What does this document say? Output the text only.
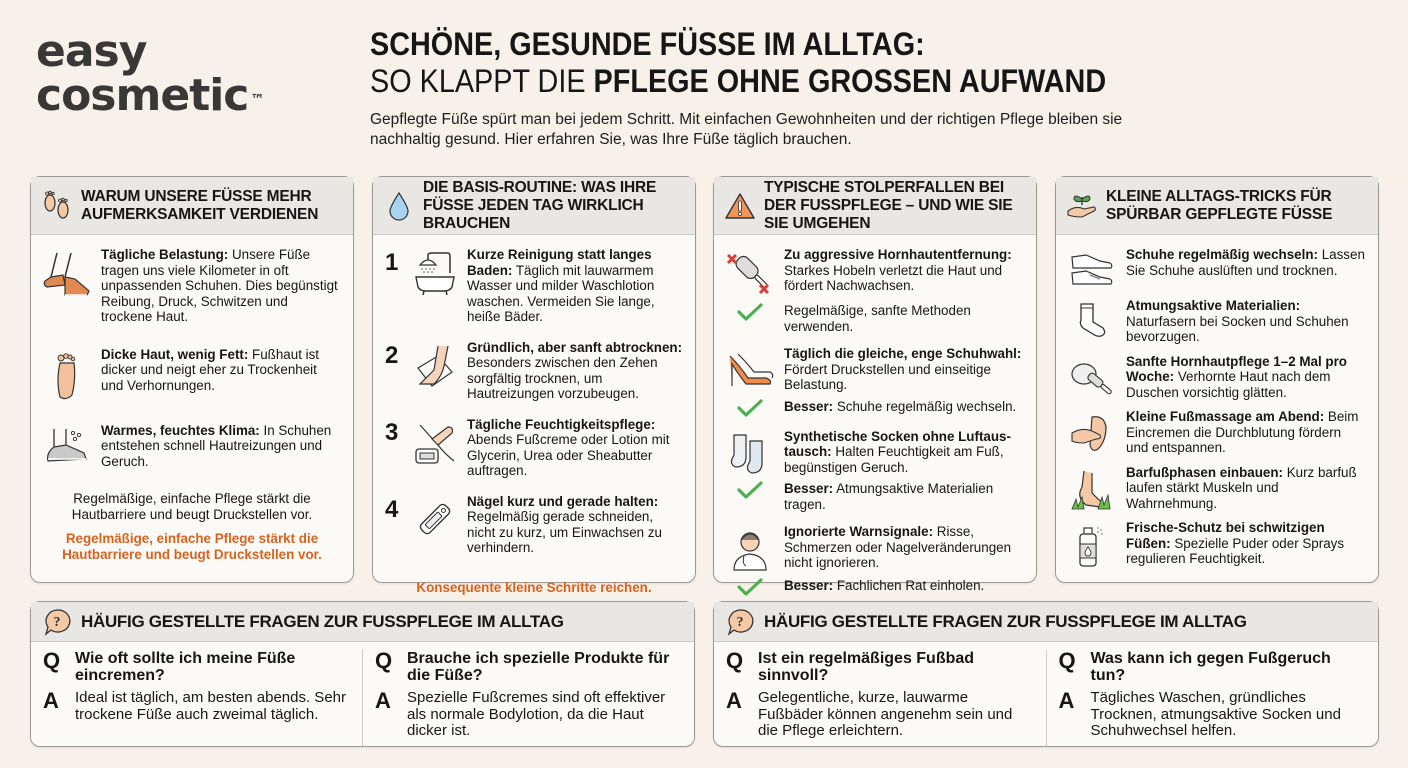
easy
cosmetic ™
SCHÖNE, GESUNDE FÜSSE IM ALLTAG:
SO KLAPPT DIE PFLEGE OHNE GROSSEN AUFWAND

Gepflegte Füße spürt man bei jedem Schritt. Mit einfachen Gewohnheiten und der richtigen Pflege bleiben sie nachhaltig gesund. Hier erfahren Sie, was Ihre Füße täglich brauchen.

WARUM UNSERE FÜSSE MEHR AUFMERKSAMKEIT VERDIENEN
Tägliche Belastung: Unsere Füße tragen uns viele Kilometer in oft unpassenden Schuhen. Dies begünstigt Reibung, Druck, Schwitzen und trockene Haut.
Dicke Haut, wenig Fett: Fußhaut ist dicker und neigt eher zu Trockenheit und Verhornungen.
Warmes, feuchtes Klima: In Schuhen entstehen schnell Hautreizungen und Geruch.

Regelmäßige, einfache Pflege stärkt die Hautbarriere und beugt Druckstellen vor.

Regelmäßige, einfache Pflege stärkt die Hautbarriere und beugt Druckstellen vor.

DIE BASIS-ROUTINE: WAS IHRE FÜSSE JEDEN TAG WIRKLICH BRAUCHEN
1	Kurze Reinigung statt langes Baden: Täglich mit lauwarmem Wasser und milder Waschlotion waschen. Vermeiden Sie lange, heiße Bäder.
2	Gründlich, aber sanft abtrocknen: Besonders zwischen den Zehen sorgfältig trocknen, um Hautreizungen vorzubeugen.
3	Tägliche Feuchtigkeitspflege: Abends Fußcreme oder Lotion mit Glycerin, Urea oder Sheabutter auftragen.
4	Nägel kurz und gerade halten: Regelmäßig gerade schneiden, nicht zu kurz, um Einwachsen zu verhindern.

Konsequente kleine Schritte reichen.

TYPISCHE STOLPERFALLEN BEI DER FUSSPFLEGE – UND WIE SIE SIE UMGEHEN
Zu aggressive Hornhautentfernung: Starkes Hobeln verletzt die Haut und fördert Nachwachsen.
Regelmäßige, sanfte Methoden verwenden.
Täglich die gleiche, enge Schuhwahl: Fördert Druckstellen und einseitige Belastung.
Besser: Schuhe regelmäßig wechseln.
Synthetische Socken ohne Luftaustausch: Halten Feuchtigkeit am Fuß, begünstigen Geruch.
Besser: Atmungsaktive Materialien tragen.
Ignorierte Warnsignale: Risse, Schmerzen oder Nagelveränderungen nicht ignorieren.
Besser: Fachlichen Rat einholen.
KLEINE ALLTAGS-TRICKS FÜR SPÜRBAR GEPFLEGTE FÜSSE
Schuhe regelmäßig wechseln: Lassen Sie Schuhe auslüften und trocknen.
Atmungsaktive Materialien: Naturfasern bei Socken und Schuhen bevorzugen.
Sanfte Hornhautpflege 1–2 Mal pro Woche: Verhornte Haut nach dem Duschen vorsichtig glätten.
Kleine Fußmassage am Abend: Beim Eincremen die Durchblutung fördern und entspannen.
Barfußphasen einbauen: Kurz barfuß laufen stärkt Muskeln und Wahrnehmung.
Frische-Schutz bei schwitzigen Füßen: Spezielle Puder oder Sprays regulieren Feuchtigkeit.
? HÄUFIG GESTELLTE FRAGEN ZUR FUSSPFLEGE IM ALLTAG
Q Wie oft sollte ich meine Füße eincremen?
A	Ideal ist täglich, am besten abends. Sehr trockene Füße auch zweimal täglich.
Q Brauche ich spezielle Produkte für die Füße?
A	Spezielle Fußcremes sind oft effektiver als normale Bodylotion, da die Haut dicker ist.
? HÄUFIG GESTELLTE FRAGEN ZUR FUSSPFLEGE IM ALLTAG
Q Ist ein regelmäßiges Fußbad sinnvoll?
A	Gelegentliche, kurze, lauwarme Fußbäder können angenehm sein und die Pflege erleichtern.
Q Was kann ich gegen Fußgeruch tun?
A	Tägliches Waschen, gründliches Trocknen, atmungsaktive Socken und Schuhwechsel helfen.
